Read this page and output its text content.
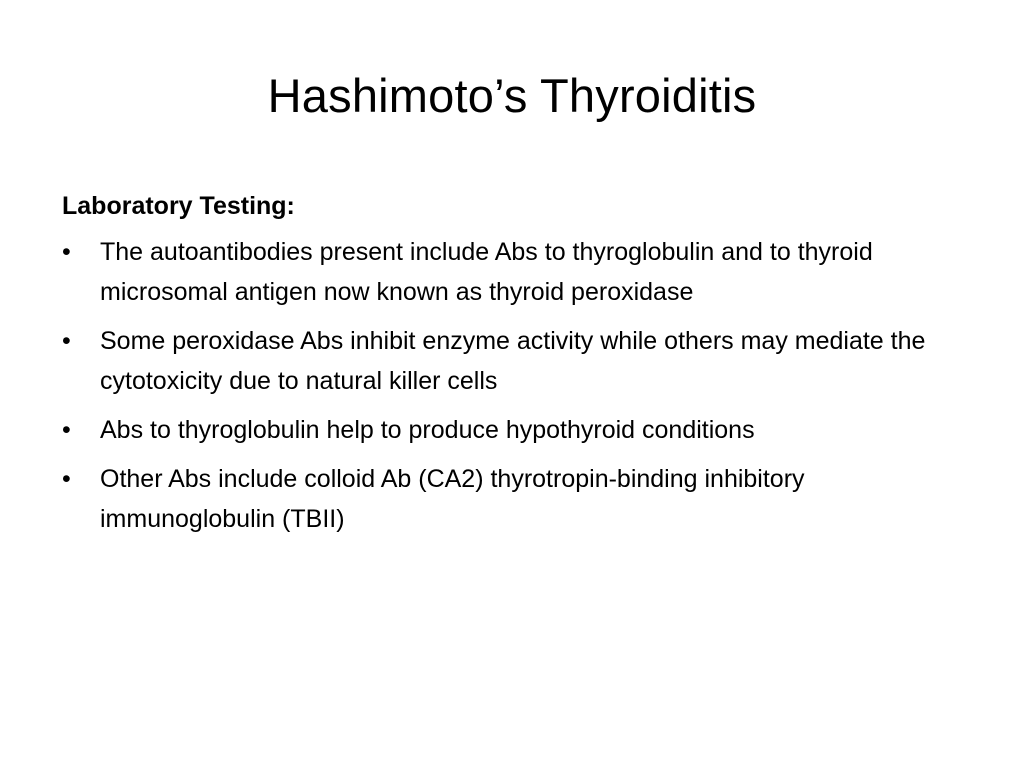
Hashimoto’s Thyroiditis

Laboratory Testing:

•	The autoantibodies present include Abs to thyroglobulin and to thyroid microsomal antigen now known as thyroid peroxidase
•	Some peroxidase Abs inhibit enzyme activity while others may mediate the cytotoxicity due to natural killer cells
•	Abs to thyroglobulin help to produce hypothyroid conditions
•	Other Abs include colloid Ab (CA2) thyrotropin-binding inhibitory immunoglobulin (TBII)
